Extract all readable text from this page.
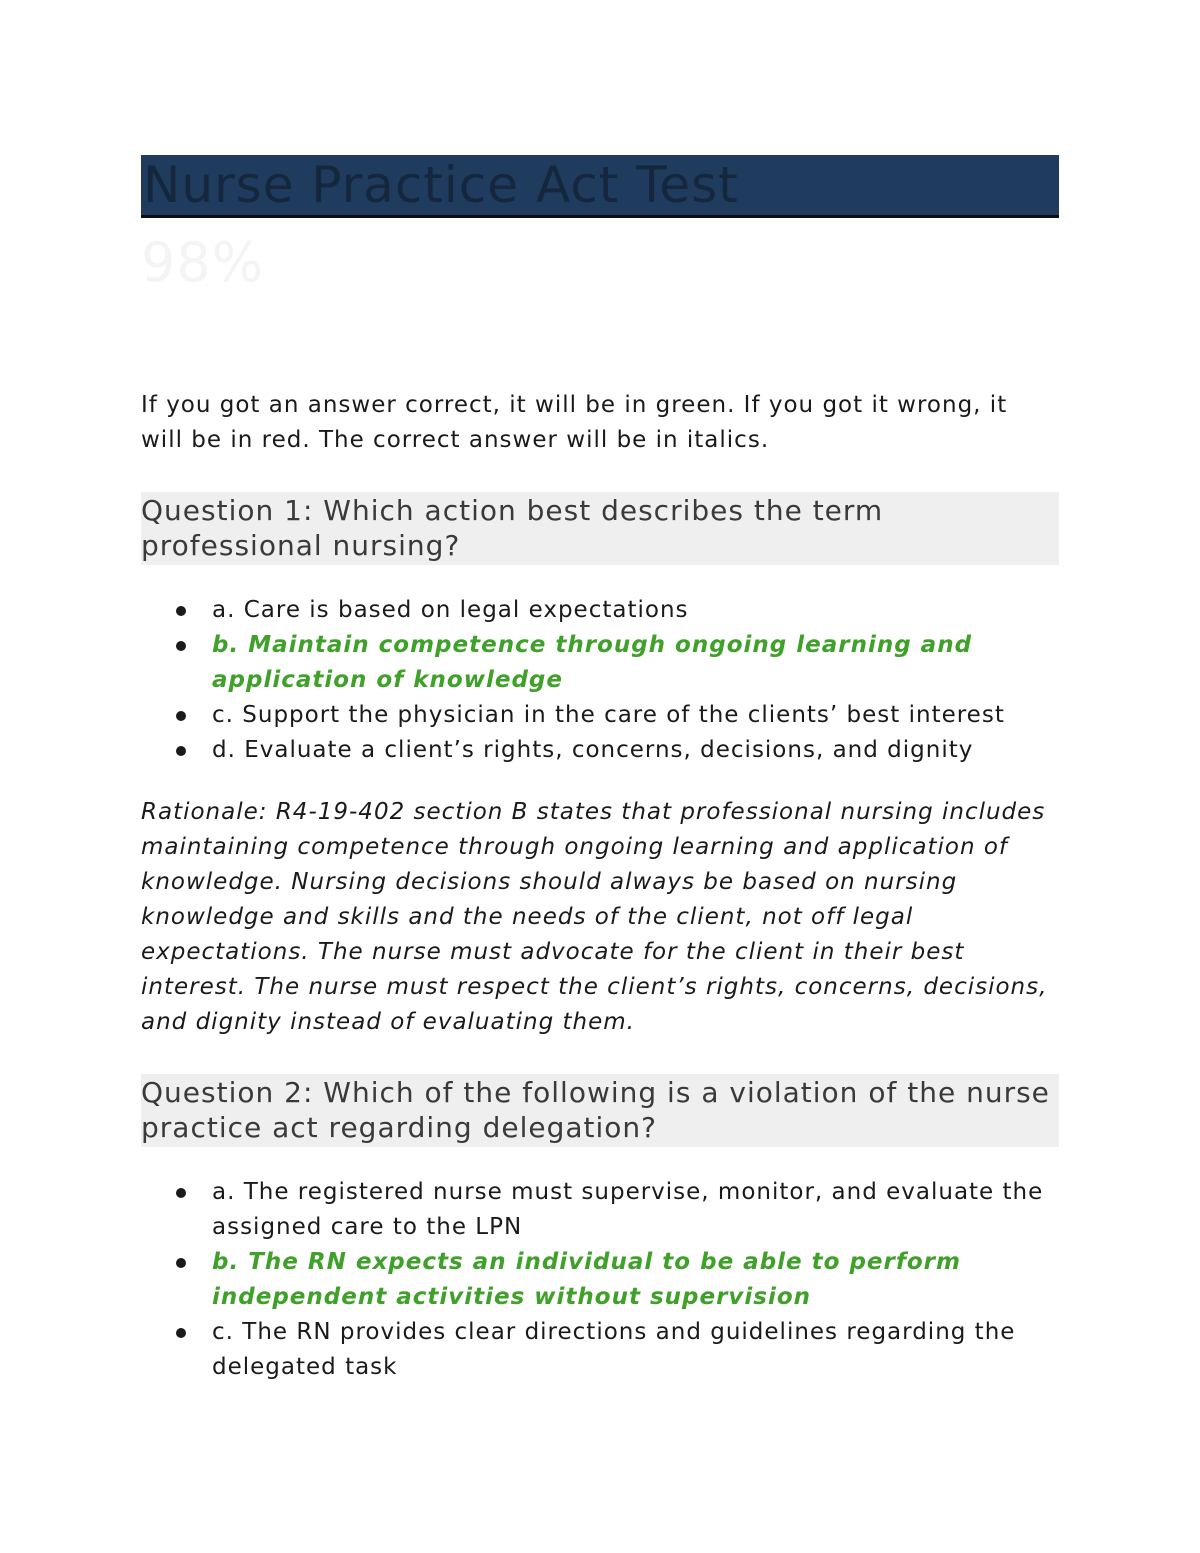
Nurse Practice Act Test
98%
If you got an answer correct, it will be in green. If you got it wrong, it will be in red. The correct answer will be in italics.
Question 1: Which action best describes the term professional nursing?
a. Care is based on legal expectations
b. Maintain competence through ongoing learning and application of knowledge
c. Support the physician in the care of the clients’ best interest
d. Evaluate a client’s rights, concerns, decisions, and dignity
Rationale: R4-19-402 section B states that professional nursing includes maintaining competence through ongoing learning and application of knowledge. Nursing decisions should always be based on nursing knowledge and skills and the needs of the client, not off legal expectations. The nurse must advocate for the client in their best interest. The nurse must respect the client’s rights, concerns, decisions, and dignity instead of evaluating them.
Question 2: Which of the following is a violation of the nurse practice act regarding delegation?
a. The registered nurse must supervise, monitor, and evaluate the assigned care to the LPN
b. The RN expects an individual to be able to perform independent activities without supervision
c. The RN provides clear directions and guidelines regarding the delegated task
